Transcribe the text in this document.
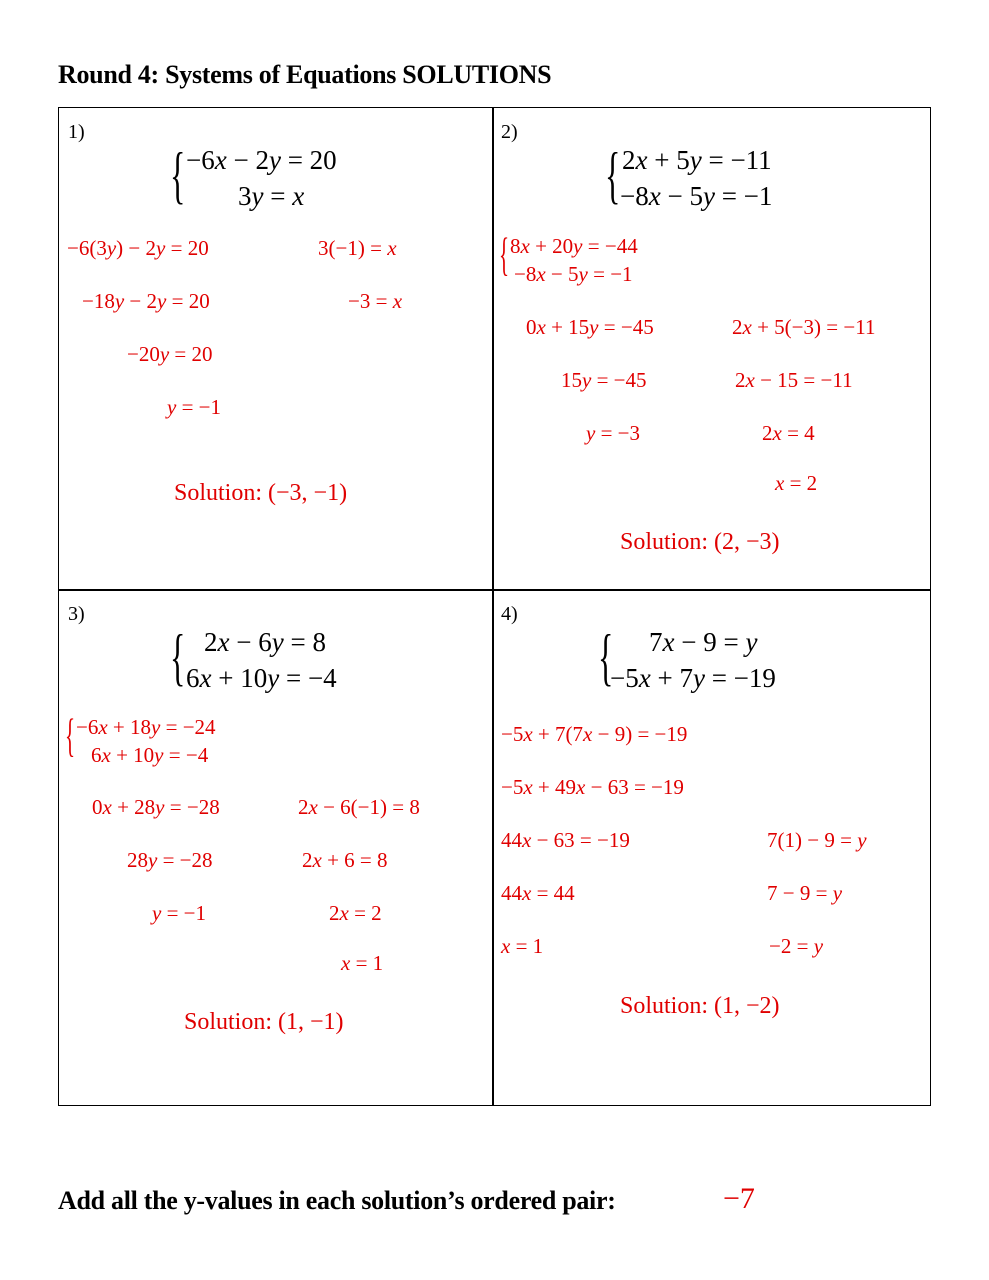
Round 4: Systems of Equations SOLUTIONS
1)
{ −6x − 2y = 20
3y = x
−6(3y) − 2y = 20	3(−1) = x
−18y − 2y = 20	−3 = x
−20y = 20
y = −1
Solution: (−3, −1)
2)
{ 2x + 5y = −11
−8x − 5y = −1
{ 8x + 20y = −44
−8x − 5y = −1
0x + 15y = −45	2x + 5(−3) = −11
15y = −45	2x − 15 = −11
y = −3	2x = 4
x = 2
Solution: (2, −3)
3)
{ 2x − 6y = 8
6x + 10y = −4
{ −6x + 18y = −24
6x + 10y = −4
0x + 28y = −28	2x − 6(−1) = 8
28y = −28	2x + 6 = 8
y = −1	2x = 2
x = 1
Solution: (1, −1)
4)
{ 7x − 9 = y
−5x + 7y = −19
−5x + 7(7x − 9) = −19
−5x + 49x − 63 = −19
44x − 63 = −19	7(1) − 9 = y
44x = 44	7 − 9 = y
x = 1	−2 = y
Solution: (1, −2)
Add all the y-values in each solution’s ordered pair:	−7
